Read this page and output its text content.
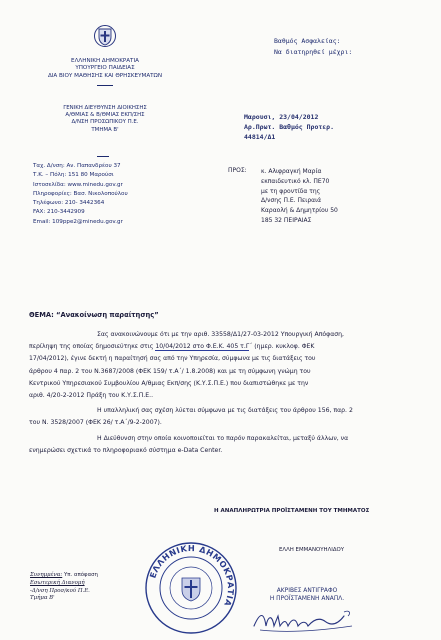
ΕΛΛΗΝΙΚΗ ΔΗΜΟΚΡΑΤΙΑ
ΥΠΟΥΡΓΕΙΟ ΠΑΙΔΕΙΑΣ
ΔΙΑ ΒΙΟΥ ΜΑΘΗΣΗΣ ΚΑΙ ΘΡΗΣΚΕΥΜΑΤΩΝ
ΓΕΝΙΚΗ ΔΙΕΥΘΥΝΣΗ ΔΙΟΙΚΗΣΗΣ
Α/ΘΜΙΑΣ & Β/ΘΜΙΑΣ ΕΚΠ/ΣΗΣ
Δ/ΝΣΗ ΠΡΟΣΩΠΙΚΟΥ Π.Ε.
ΤΜΗΜΑ Β'
Ταχ. Δ/νση: Αν. Παπανδρέου 37
Τ.Κ. – Πόλη: 151 80 Μαρούσι
Ιστοσελίδα: www.minedu.gov.gr
Πληροφορίες: Βασ. Νικολοπούλου
Τηλέφωνο: 210- 3442364
FAX: 210-3442909
Email: 109ppe2@minedu.gov.gr
Βαθμός Ασφαλείας:
Να διατηρηθεί μέχρι:
Μαρουσι, 23/04/2012
Αρ.Πρωτ. Βαθμός Προτερ.
44814/Δ1
ΠΡΟΣ: κ. Αλιφραγκή Μαρία
εκπαιδευτικό κλ. ΠΕ70
με τη φροντίδα της
Δ/νσης Π.Ε. Πειραιά
Καραολή & Δημητρίου 50
185 32 ΠΕΙΡΑΙΑΣ
ΘΕΜΑ: “Ανακοίνωση παραίτησης”

Σας ανακοινώνουμε ότι με την αριθ. 33558/Δ1/27-03-2012 Υπουργική Απόφαση,

περίληψη της οποίας δημοσιεύτηκε στις 10/04/2012 στο Φ.Ε.Κ. 405 τ.Γ΄ (ημερ. κυκλοφ. ΦΕΚ

17/04/2012), έγινε δεκτή η παραίτησή σας από την Υπηρεσία, σύμφωνα με τις διατάξεις του

άρθρου 4 παρ. 2 του Ν.3687/2008 (ΦΕΚ 159/ τ.Α΄/ 1.8.2008) και με τη σύμφωνη γνώμη του

Κεντρικού Υπηρεσιακού Συμβουλίου Α/θμιας Εκπ/σης (Κ.Υ.Σ.Π.Ε.) που διαπιστώθηκε με την

αριθ. 4/20-2-2012 Πράξη του Κ.Υ.Σ.Π.Ε..

Η υπαλληλική σας σχέση λύεται σύμφωνα με τις διατάξεις του άρθρου 156, παρ. 2

του Ν. 3528/2007 (ΦΕΚ 26/ τ.Α΄/9-2-2007).

Η Διεύθυνση στην οποία κοινοποιείται το παρόν παρακαλείται, μεταξύ άλλων, να

ενημερώσει σχετικά το πληροφοριακό σύστημα e-Data Center.

Η ΑΝΑΠΛΗΡΩΤΡΙΑ ΠΡΟΪΣΤΑΜΕΝΗ ΤΟΥ ΤΜΗΜΑΤΟΣ
ΕΛΛΗ ΕΜΜΑΝΟΥΗΛΙΔΟΥ
Συνημμένα: Υπ. απόφαση
Εσωτερική Διανομή
-Δ/νση Προσ/κού Π.Ε.
Τμήμα Β'
ΕΛΛΗΝΙΚΗ ΔΗΜΟΚΡΑΤΙΑ
ΑΚΡΙΒΕΣ ΑΝΤΙΓΡΑΦΟ
Η ΠΡΟΪΣΤΑΜΕΝΗ ΑΝΑΠΛ.
